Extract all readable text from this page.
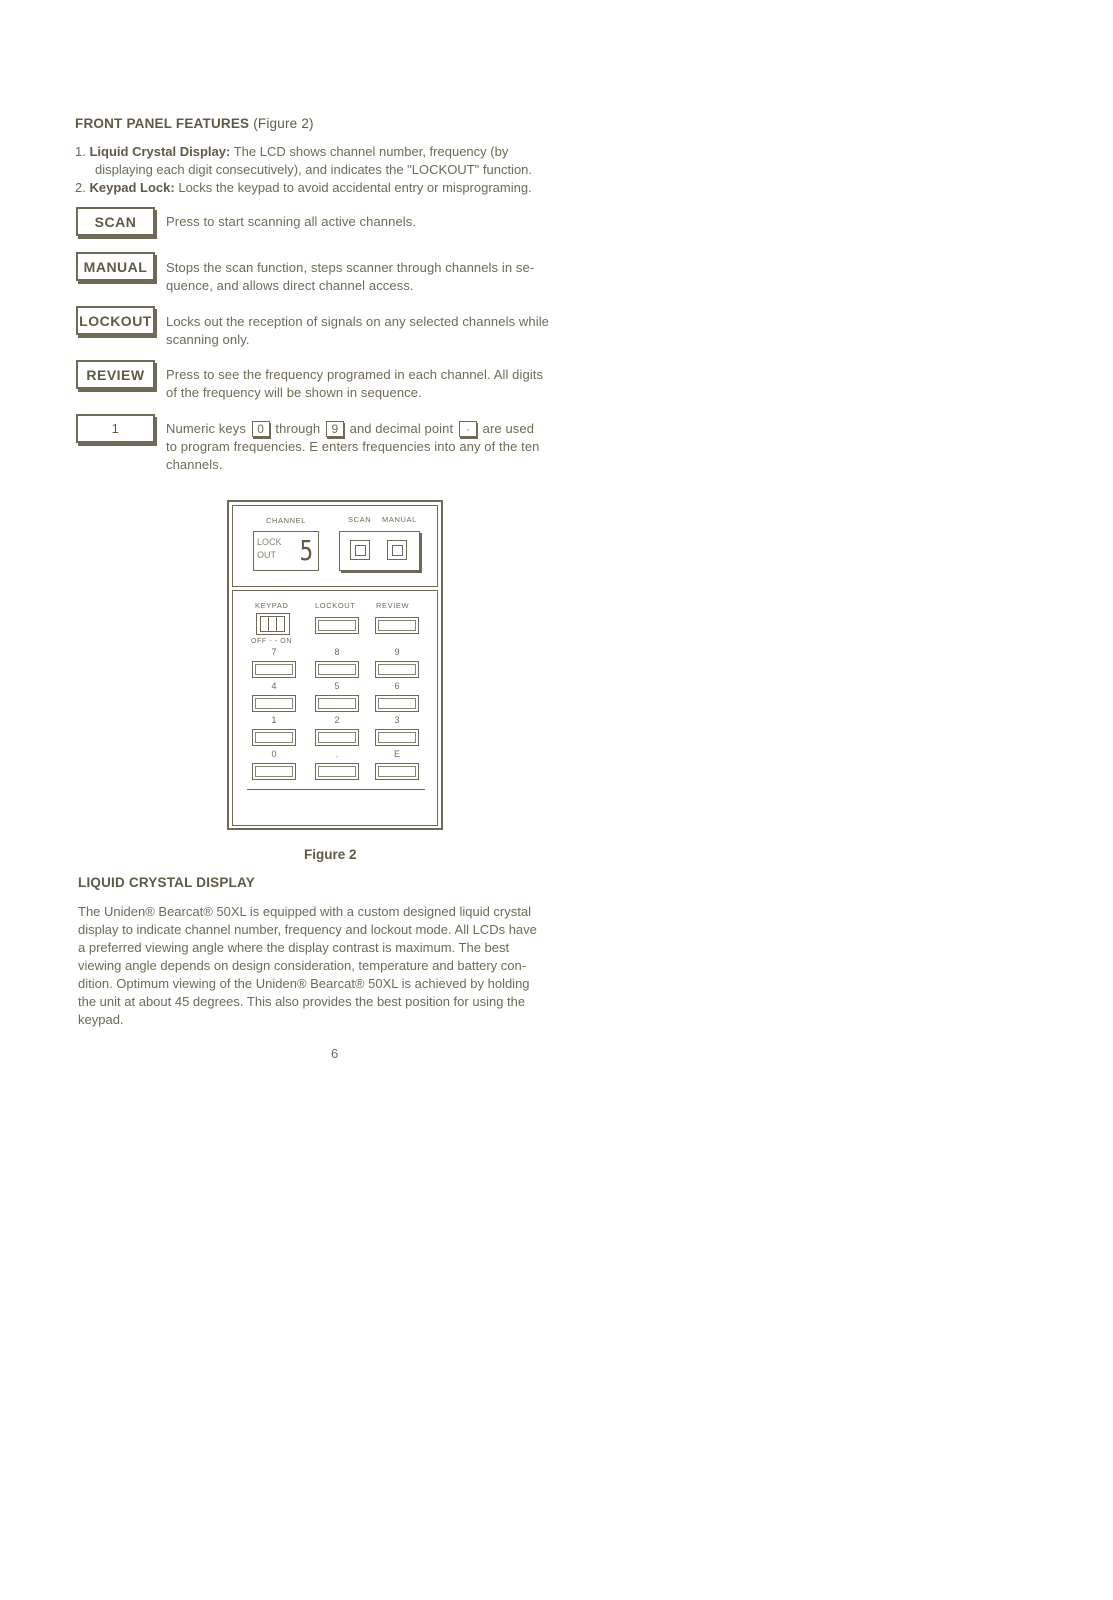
FRONT PANEL FEATURES (Figure 2)
1. Liquid Crystal Display: The LCD shows channel number, frequency (by
displaying each digit consecutively), and indicates the "LOCKOUT" function.
2. Keypad Lock: Locks the keypad to avoid accidental entry or misprograming.
SCAN Press to start scanning all active channels.
MANUAL Stops the scan function, steps scanner through channels in se-
quence, and allows direct channel access.
LOCKOUT Locks out the reception of signals on any selected channels while
scanning only.
REVIEW Press to see the frequency programed in each channel. All digits
of the frequency will be shown in sequence.
1	Numeric keys 0 through 9 and decimal point · are used
to program frequencies. E enters frequencies into any of the ten
channels.
CHANNEL	SCAN MANUAL
LOCK
OUT 5
KEYPAD	LOCKOUT	REVIEW
OFF - - ON
7	8	9
4	5	6
1	2	3
0	.	E
Figure 2
LIQUID CRYSTAL DISPLAY
The Uniden® Bearcat® 50XL is equipped with a custom designed liquid crystal
display to indicate channel number, frequency and lockout mode. All LCDs have
a preferred viewing angle where the display contrast is maximum. The best
viewing angle depends on design consideration, temperature and battery con-
dition. Optimum viewing of the Uniden® Bearcat® 50XL is achieved by holding
the unit at about 45 degrees. This also provides the best position for using the
keypad.
6
